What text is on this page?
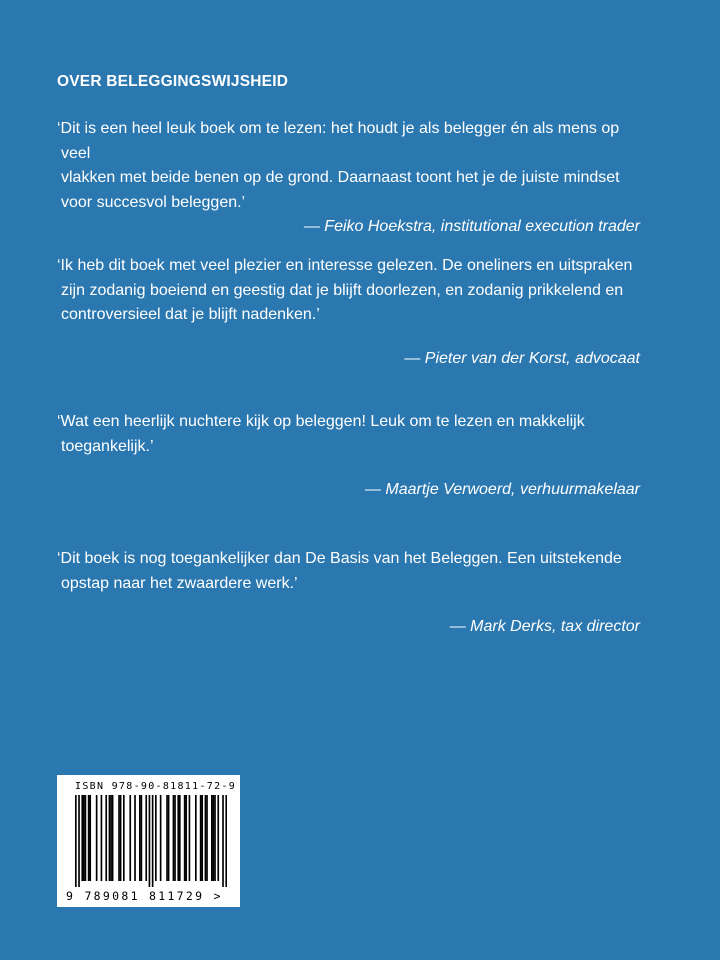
OVER BELEGGINGSWIJSHEID

‘Dit is een heel leuk boek om te lezen: het houdt je als belegger én als mens op veel
vlakken met beide benen op de grond. Daarnaast toont het je de juiste mindset
voor succesvol beleggen.’

— Feiko Hoekstra, institutional execution trader

‘Ik heb dit boek met veel plezier en interesse gelezen. De oneliners en uitspraken
zijn zodanig boeiend en geestig dat je blijft doorlezen, en zodanig prikkelend en
controversieel dat je blijft nadenken.’

— Pieter van der Korst, advocaat

‘Wat een heerlijk nuchtere kijk op beleggen! Leuk om te lezen en makkelijk
toegankelijk.’

— Maartje Verwoerd, verhuurmakelaar

‘Dit boek is nog toegankelijker dan De Basis van het Beleggen. Een uitstekende
opstap naar het zwaardere werk.’

— Mark Derks, tax director

ISBN 978-90-81811-72-9
9 789081 811729 >
